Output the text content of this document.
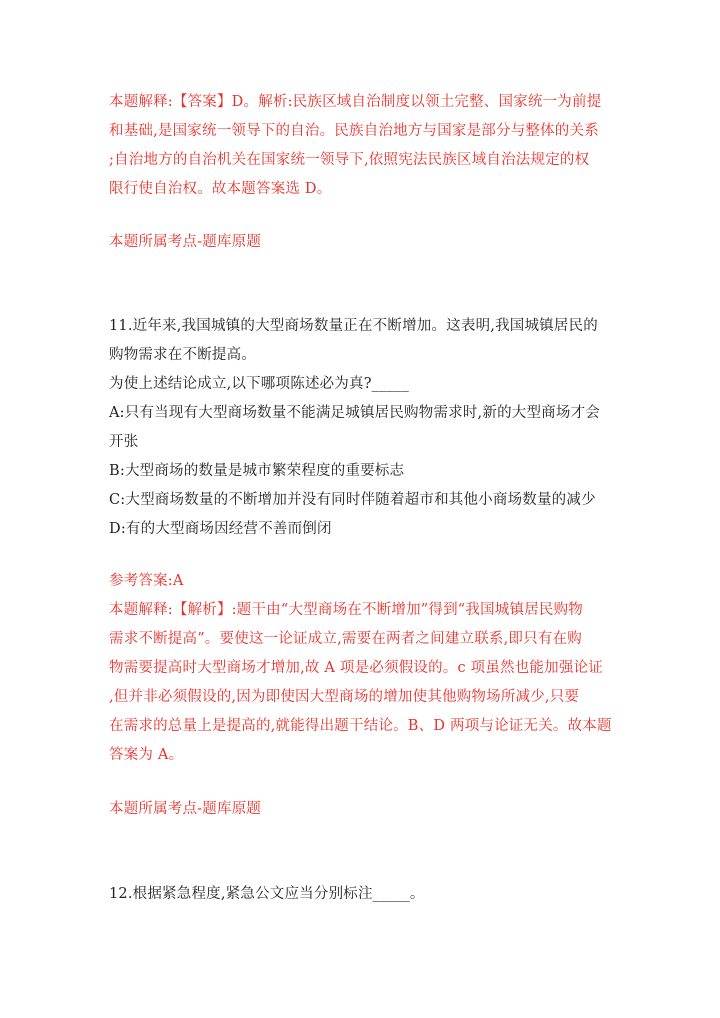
本题解释:【答案】D。解析:民族区域自治制度以领土完整、国家统一为前提
和基础,是国家统一领导下的自治。民族自治地方与国家是部分与整体的关系
;自治地方的自治机关在国家统一领导下,依照宪法民族区域自治法规定的权
限行使自治权。故本题答案选 D。
本题所属考点-题库原题
11.近年来,我国城镇的大型商场数量正在不断增加。这表明,我国城镇居民的
购物需求在不断提高。
为使上述结论成立,以下哪项陈述必为真?_____
A:只有当现有大型商场数量不能满足城镇居民购物需求时,新的大型商场才会
开张
B:大型商场的数量是城市繁荣程度的重要标志
C:大型商场数量的不断增加并没有同时伴随着超市和其他小商场数量的减少
D:有的大型商场因经营不善而倒闭
参考答案:A
本题解释:【解析】:题干由“大型商场在不断增加”得到“我国城镇居民购物
需求不断提高”。要使这一论证成立,需要在两者之间建立联系,即只有在购
物需要提高时大型商场才增加,故 A 项是必须假设的。c 项虽然也能加强论证
,但并非必须假设的,因为即使因大型商场的增加使其他购物场所减少,只要
在需求的总量上是提高的,就能得出题干结论。B、D 两项与论证无关。故本题
答案为 A。
本题所属考点-题库原题
12.根据紧急程度,紧急公文应当分别标注_____。
